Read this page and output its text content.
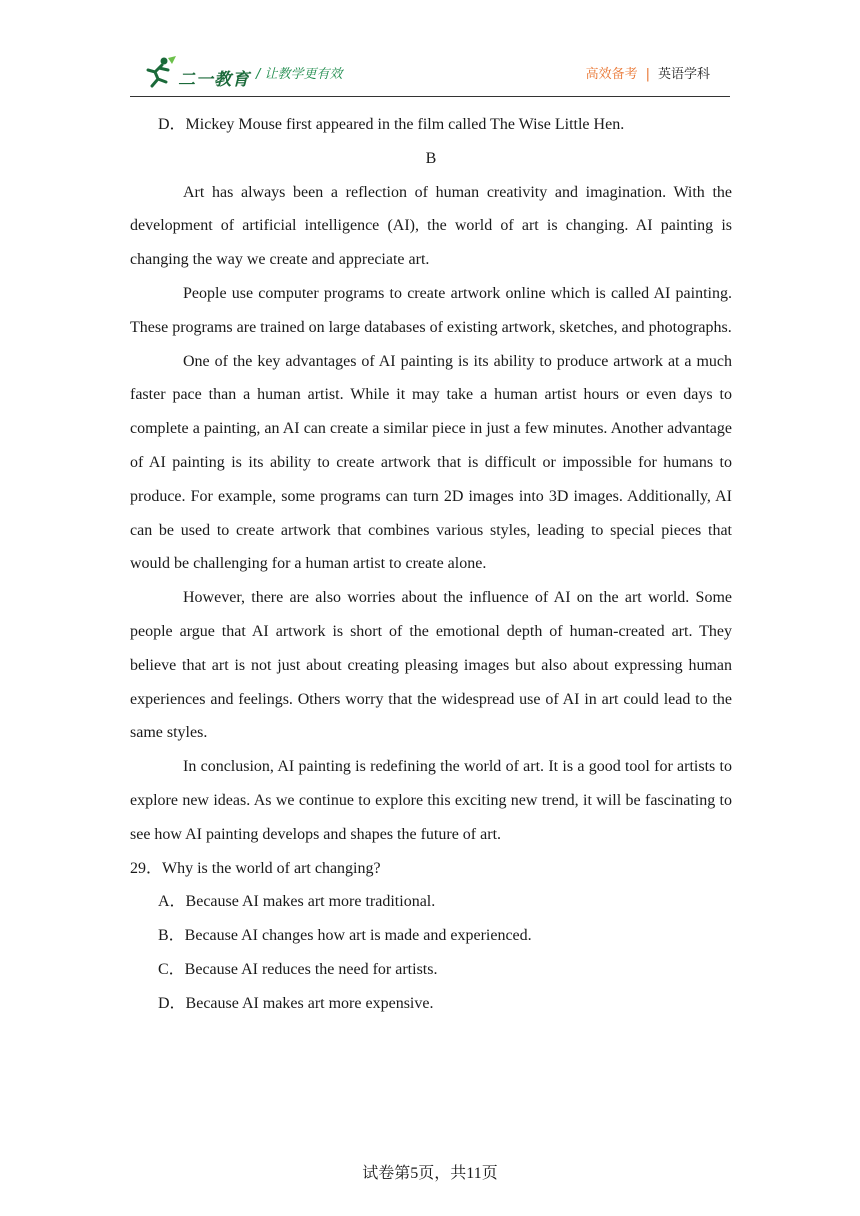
二一教育 / 让教学更有效	高效备考 | 英语学科
D．Mickey Mouse first appeared in the film called The Wise Little Hen.
B
Art has always been a reflection of human creativity and imagination. With the development of artificial intelligence (AI), the world of art is changing. AI painting is changing the way we create and appreciate art.
People use computer programs to create artwork online which is called AI painting. These programs are trained on large databases of existing artwork, sketches, and photographs.
One of the key advantages of AI painting is its ability to produce artwork at a much faster pace than a human artist. While it may take a human artist hours or even days to complete a painting, an AI can create a similar piece in just a few minutes. Another advantage of AI painting is its ability to create artwork that is difficult or impossible for humans to produce. For example, some programs can turn 2D images into 3D images. Additionally, AI can be used to create artwork that combines various styles, leading to special pieces that would be challenging for a human artist to create alone.
However, there are also worries about the influence of AI on the art world. Some people argue that AI artwork is short of the emotional depth of human-created art. They believe that art is not just about creating pleasing images but also about expressing human experiences and feelings. Others worry that the widespread use of AI in art could lead to the same styles.
In conclusion, AI painting is redefining the world of art. It is a good tool for artists to explore new ideas. As we continue to explore this exciting new trend, it will be fascinating to see how AI painting develops and shapes the future of art.
29．Why is the world of art changing?
A．Because AI makes art more traditional.
B．Because AI changes how art is made and experienced.
C．Because AI reduces the need for artists.
D．Because AI makes art more expensive.
试卷第5页，共11页
